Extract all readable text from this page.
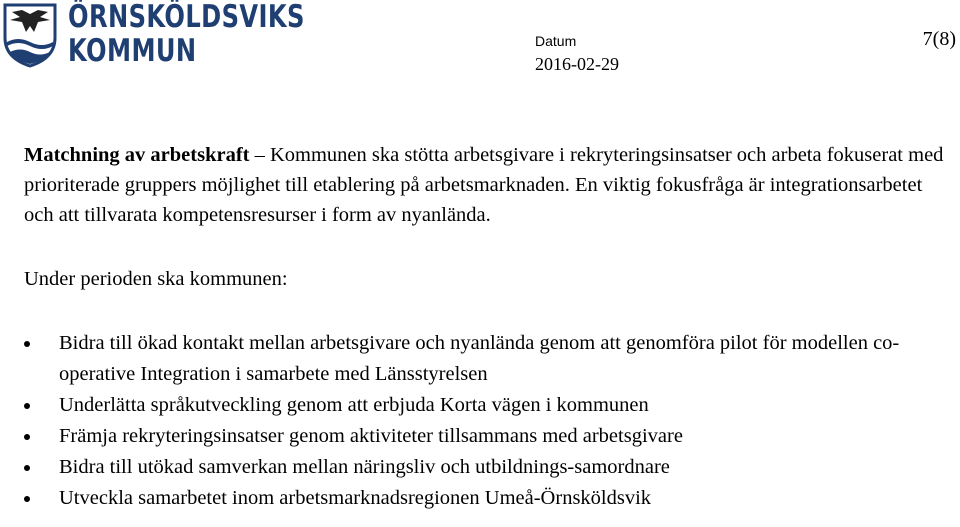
ÖRNSKÖLDSVIKS
KOMMUN	Datum
2016-02-29
7(8)

Matchning av arbetskraft – Kommunen ska stötta arbetsgivare i rekryteringsinsatser och arbeta fokuserat med prioriterade gruppers möjlighet till etablering på arbetsmarknaden. En viktig fokusfråga är integrationsarbetet och att tillvarata kompetensresurser i form av nyanlända.

Under perioden ska kommunen:

Bidra till ökad kontakt mellan arbetsgivare och nyanlända genom att genomföra pilot för modellen co-operative Integration i samarbete med Länsstyrelsen
Underlätta språkutveckling genom att erbjuda Korta vägen i kommunen
Främja rekryteringsinsatser genom aktiviteter tillsammans med arbetsgivare
Bidra till utökad samverkan mellan näringsliv och utbildnings-samordnare
Utveckla samarbetet inom arbetsmarknadsregionen Umeå-Örnsköldsvik
